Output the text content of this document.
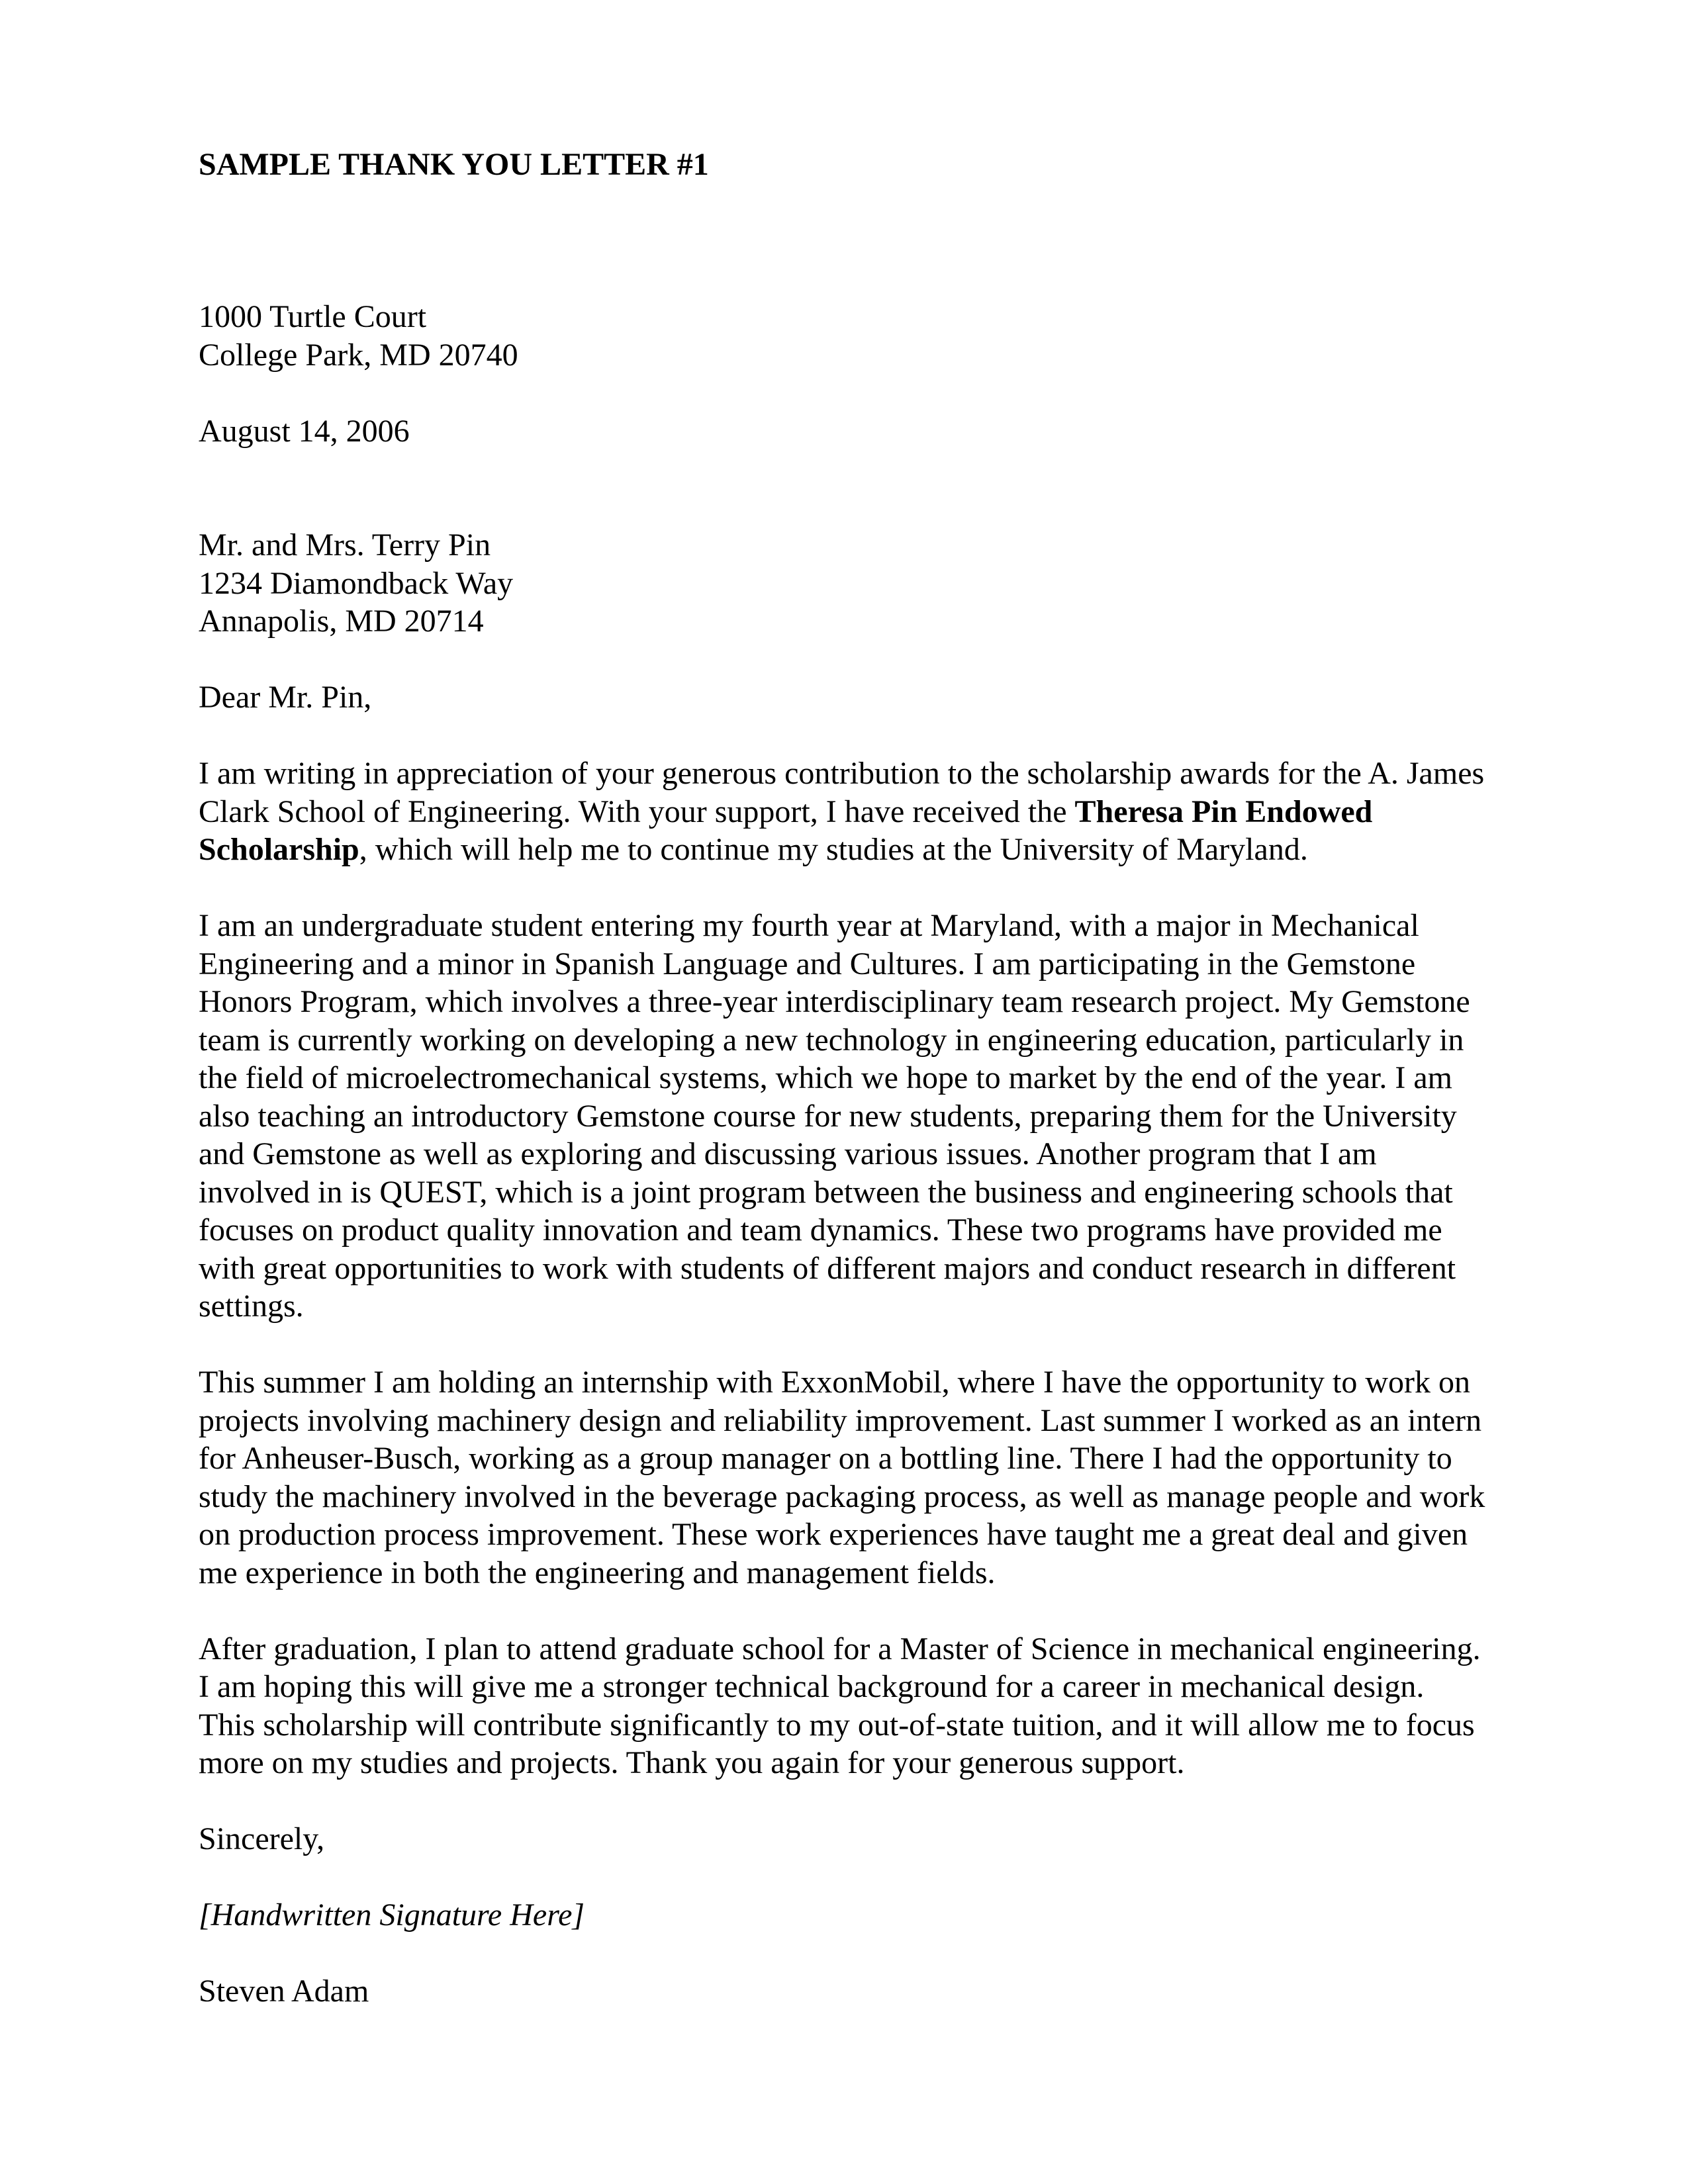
SAMPLE THANK YOU LETTER #1
1000 Turtle Court
College Park, MD 20740
August 14, 2006
Mr. and Mrs. Terry Pin
1234 Diamondback Way
Annapolis, MD 20714
Dear Mr. Pin,
I am writing in appreciation of your generous contribution to the scholarship awards for the A. James
Clark School of Engineering. With your support, I have received the Theresa Pin Endowed
Scholarship, which will help me to continue my studies at the University of Maryland.
I am an undergraduate student entering my fourth year at Maryland, with a major in Mechanical
Engineering and a minor in Spanish Language and Cultures. I am participating in the Gemstone
Honors Program, which involves a three-year interdisciplinary team research project. My Gemstone
team is currently working on developing a new technology in engineering education, particularly in
the field of microelectromechanical systems, which we hope to market by the end of the year. I am
also teaching an introductory Gemstone course for new students, preparing them for the University
and Gemstone as well as exploring and discussing various issues. Another program that I am
involved in is QUEST, which is a joint program between the business and engineering schools that
focuses on product quality innovation and team dynamics. These two programs have provided me
with great opportunities to work with students of different majors and conduct research in different
settings.
This summer I am holding an internship with ExxonMobil, where I have the opportunity to work on
projects involving machinery design and reliability improvement. Last summer I worked as an intern
for Anheuser-Busch, working as a group manager on a bottling line. There I had the opportunity to
study the machinery involved in the beverage packaging process, as well as manage people and work
on production process improvement. These work experiences have taught me a great deal and given
me experience in both the engineering and management fields.
After graduation, I plan to attend graduate school for a Master of Science in mechanical engineering.
I am hoping this will give me a stronger technical background for a career in mechanical design.
This scholarship will contribute significantly to my out-of-state tuition, and it will allow me to focus
more on my studies and projects. Thank you again for your generous support.
Sincerely,
[Handwritten Signature Here]
Steven Adam
